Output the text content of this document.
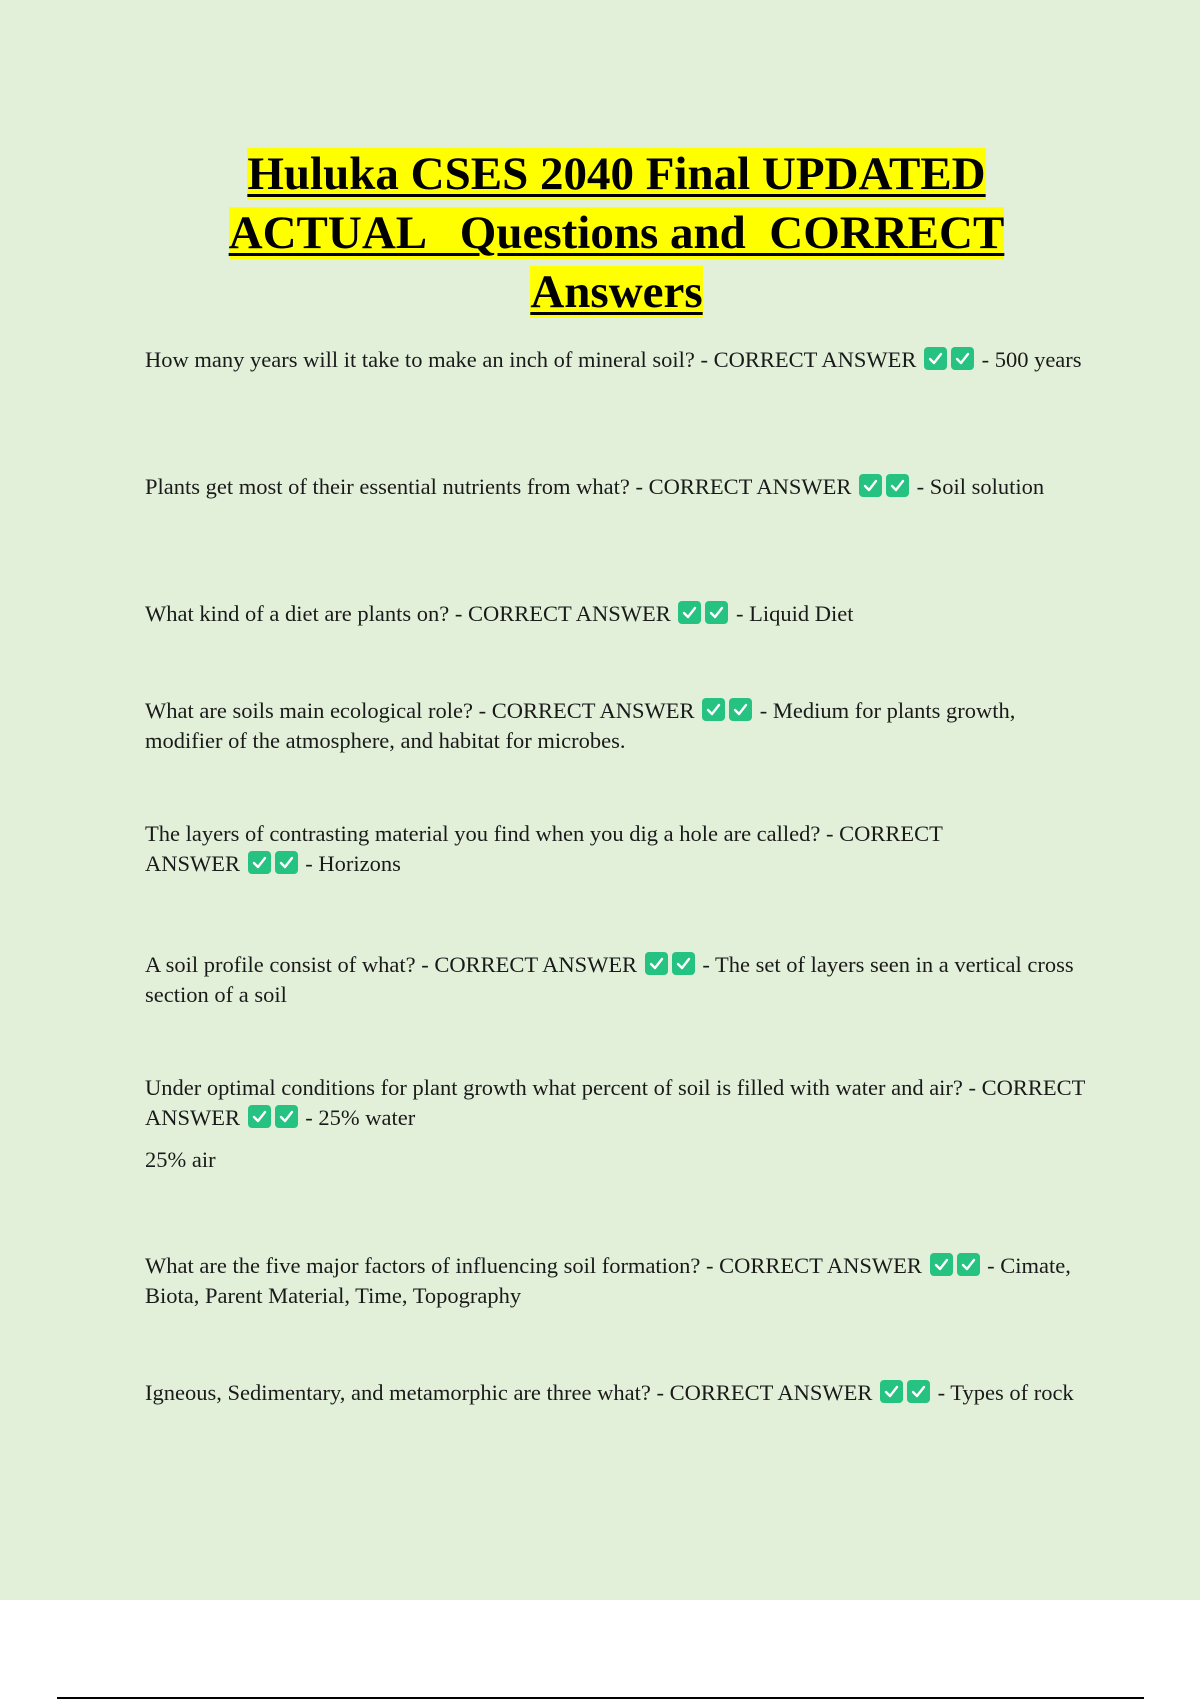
Huluka CSES 2040 Final UPDATED
ACTUAL   Questions and  CORRECT
Answers
How many years will it take to make an inch of mineral soil? - CORRECT ANSWER	- 500 years
Plants get most of their essential nutrients from what? - CORRECT ANSWER	- Soil solution
What kind of a diet are plants on? - CORRECT ANSWER	- Liquid Diet
What are soils main ecological role? - CORRECT ANSWER	- Medium for plants growth, modifier of the atmosphere, and habitat for microbes.
The layers of contrasting material you find when you dig a hole are called? - CORRECT ANSWER	- Horizons
A soil profile consist of what? - CORRECT ANSWER	- The set of layers seen in a vertical cross section of a soil
Under optimal conditions for plant growth what percent of soil is filled with water and air? - CORRECT ANSWER	- 25% water
25% air
What are the five major factors of influencing soil formation? - CORRECT ANSWER	- Cimate, Biota, Parent Material, Time, Topography
Igneous, Sedimentary, and metamorphic are three what? - CORRECT ANSWER	- Types of rock
